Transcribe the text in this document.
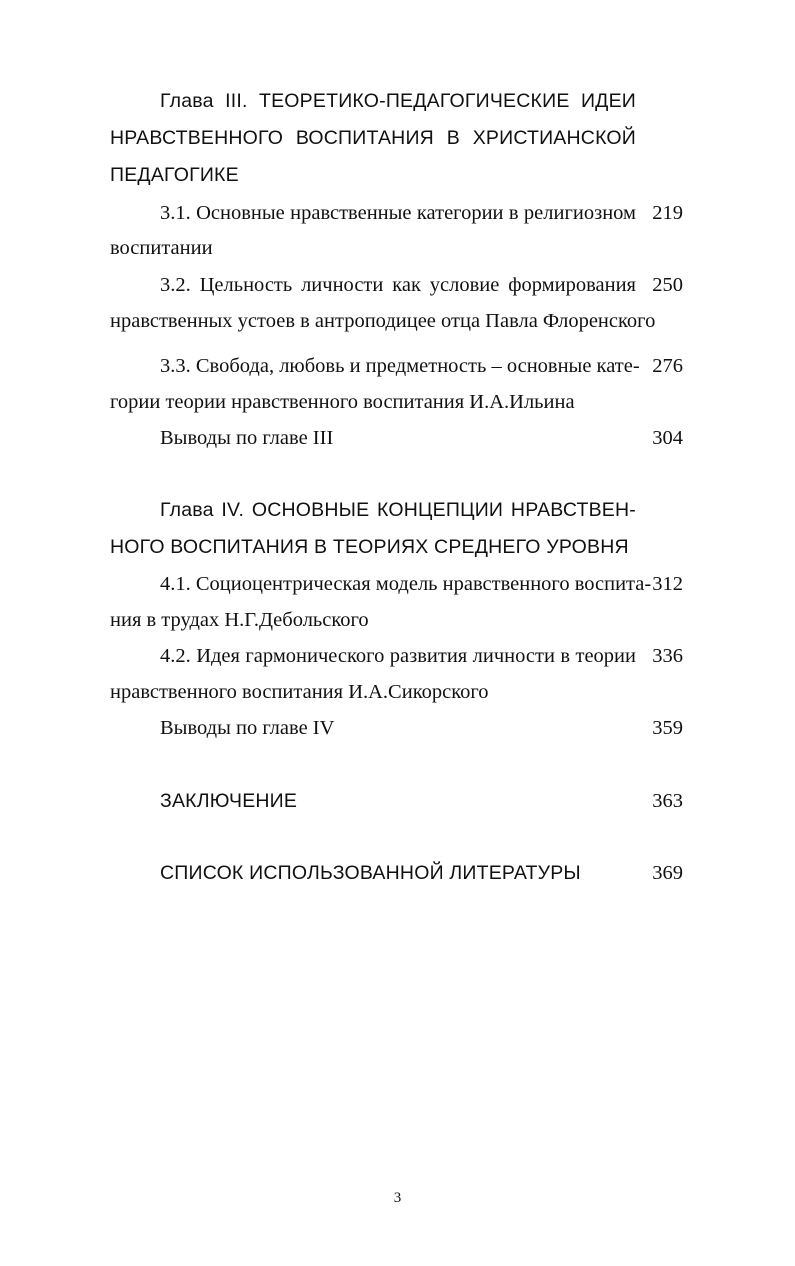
Глава III. ТЕОРЕТИКО-ПЕДАГОГИЧЕСКИЕ ИДЕИ
НРАВСТВЕННОГО ВОСПИТАНИЯ В ХРИСТИАНСКОЙ
ПЕДАГОГИКЕ
3.1. Основные нравственные категории в религиозном 219
воспитании
3.2. Цельность личности как условие формирования 250
нравственных устоев в антроподицее отца Павла Флоренского
3.3. Свобода, любовь и предметность – основные кате- 276
гории теории нравственного воспитания И.А.Ильина
Выводы по главе III	304
Глава IV. ОСНОВНЫЕ КОНЦЕПЦИИ НРАВСТВЕН-
НОГО ВОСПИТАНИЯ В ТЕОРИЯХ СРЕДНЕГО УРОВНЯ
4.1. Социоцентрическая модель нравственного воспита- 312
ния в трудах Н.Г.Дебольского
4.2. Идея гармонического развития личности в теории 336
нравственного воспитания И.А.Сикорского
Выводы по главе IV	359
ЗАКЛЮЧЕНИЕ	363
СПИСОК ИСПОЛЬЗОВАННОЙ ЛИТЕРАТУРЫ	369
3
